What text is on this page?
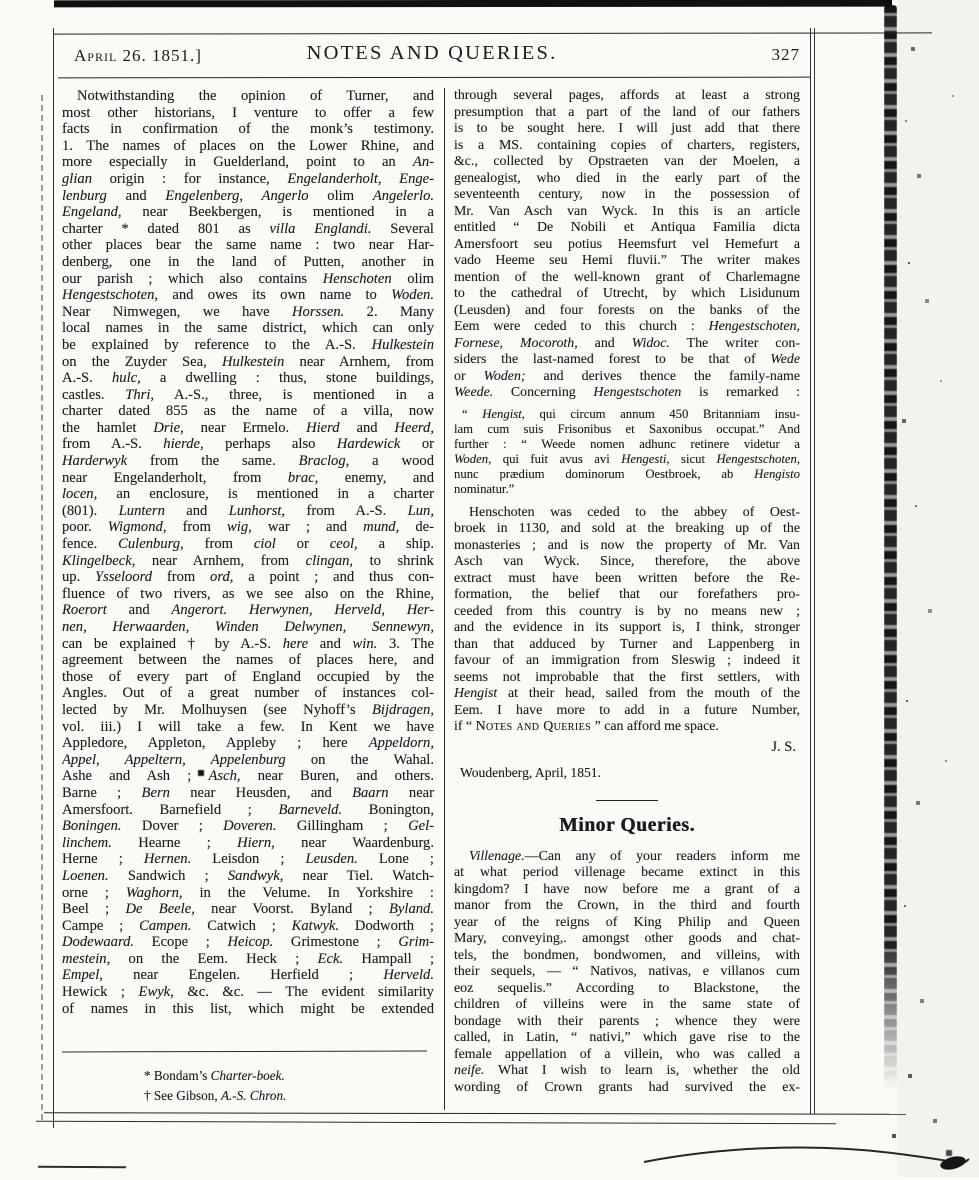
April 26. 1851.]	NOTES AND QUERIES.	327
Notwithstanding the opinion of Turner, and
most other historians, I venture to offer a few
facts in confirmation of the monk’s testimony.
1. The names of places on the Lower Rhine, and
more especially in Guelderland, point to an An-
glian origin : for instance, Engelanderholt, Enge-
lenburg and Engelenberg, Angerlo olim Angelerlo.
Engeland, near Beekbergen, is mentioned in a
charter * dated 801 as villa Englandi. Several
other places bear the same name : two near Har-
denberg, one in the land of Putten, another in
our parish ; which also contains Henschoten olim
Hengestschoten, and owes its own name to Woden.
Near Nimwegen, we have Horssen. 2. Many
local names in the same district, which can only
be explained by reference to the A.-S. Hulkestein
on the Zuyder Sea, Hulkestein near Arnhem, from
A.-S. hulc, a dwelling : thus, stone buildings,
castles. Thri, A.-S., three, is mentioned in a
charter dated 855 as the name of a villa, now
the hamlet Drie, near Ermelo. Hierd and Heerd,
from A.-S. hierde, perhaps also Hardewick or
Harderwyk from the same. Braclog, a wood
near Engelanderholt, from brac, enemy, and
locen, an enclosure, is mentioned in a charter
(801). Luntern and Lunhorst, from A.-S. Lun,
poor. Wigmond, from wig, war ; and mund, de-
fence. Culenburg, from ciol or ceol, a ship.
Klingelbeck, near Arnhem, from clingan, to shrink
up. Ysseloord from ord, a point ; and thus con-
fluence of two rivers, as we see also on the Rhine,
Roerort and Angerort. Herwynen, Herveld, Her-
nen, Herwaarden, Winden Delwynen, Sennewyn,
can be explained † by A.-S. here and win. 3. The
agreement between the names of places here, and
those of every part of England occupied by the
Angles. Out of a great number of instances col-
lected by Mr. Molhuysen (see Nyhoff’s Bijdragen,
vol. iii.) I will take a few. In Kent we have
Appledore, Appleton, Appleby ; here Appeldorn,
Appel, Appeltern, Appelenburg on the Wahal.
Ashe and Ash ; Asch, near Buren, and others.
Barne ; Bern near Heusden, and Baarn near
Amersfoort. Barnefield ; Barneveld. Bonington,
Boningen. Dover ; Doveren. Gillingham ; Gel-
linchem. Hearne ; Hiern, near Waardenburg.
Herne ; Hernen. Leisdon ; Leusden. Lone ;
Loenen. Sandwich ; Sandwyk, near Tiel. Watch-
orne ; Waghorn, in the Velume. In Yorkshire :
Beel ; De Beele, near Voorst. Byland ; Byland.
Campe ; Campen. Catwich ; Katwyk. Dodworth ;
Dodewaard. Ecope ; Heicop. Grimestone ; Grim-
mestein, on the Eem. Heck ; Eck. Hampall ;
Empel, near Engelen. Herfield ; Herveld.
Hewick ; Ewyk, &c. &c. — The evident similarity
of names in this list, which might be extended
* Bondam’s Charter-boek.
† See Gibson, A.-S. Chron.
through several pages, affords at least a strong
presumption that a part of the land of our fathers
is to be sought here. I will just add that there
is a MS. containing copies of charters, registers,
&c., collected by Opstraeten van der Moelen, a
genealogist, who died in the early part of the
seventeenth century, now in the possession of
Mr. Van Asch van Wyck. In this is an article
entitled “ De Nobili et Antiqua Familia dicta
Amersfoort seu potius Heemsfurt vel Hemefurt a
vado Heeme seu Hemi fluvii.” The writer makes
mention of the well-known grant of Charlemagne
to the cathedral of Utrecht, by which Lisidunum
(Leusden) and four forests on the banks of the
Eem were ceded to this church : Hengestschoten,
Fornese, Mocoroth, and Widoc. The writer con-
siders the last-named forest to be that of Wede
or Woden; and derives thence the family-name
Weede. Concerning Hengestschoten is remarked :
“ Hengist, qui circum annum 450 Britanniam insu-
lam cum suis Frisonibus et Saxonibus occupat.” And
further : “ Weede nomen adhunc retinere videtur a
Woden, qui fuit avus avi Hengesti, sicut Hengestschoten,
nunc prædium dominorum Oestbroek, ab Hengisto
nominatur.”
Henschoten was ceded to the abbey of Oest-
broek in 1130, and sold at the breaking up of the
monasteries ; and is now the property of Mr. Van
Asch van Wyck. Since, therefore, the above
extract must have been written before the Re-
formation, the belief that our forefathers pro-
ceeded from this country is by no means new ;
and the evidence in its support is, I think, stronger
than that adduced by Turner and Lappenberg in
favour of an immigration from Sleswig ; indeed it
seems not improbable that the first settlers, with
Hengist at their head, sailed from the mouth of the
Eem. I have more to add in a future Number,
if “ Notes and Queries ” can afford me space.
J. S.
Woudenberg, April, 1851.
Minor Queries.
Villenage.—Can any of your readers inform me
at what period villenage became extinct in this
kingdom? I have now before me a grant of a
manor from the Crown, in the third and fourth
year of the reigns of King Philip and Queen
Mary, conveying,. amongst other goods and chat-
tels, the bondmen, bondwomen, and villeins, with
their sequels, — “ Nativos, nativas, e villanos cum
eoz sequelis.” According to Blackstone, the
children of villeins were in the same state of
bondage with their parents ; whence they were
called, in Latin, “ nativi,” which gave rise to the
female appellation of a villein, who was called a
neife. What I wish to learn is, whether the old
wording of Crown grants had survived the ex-
